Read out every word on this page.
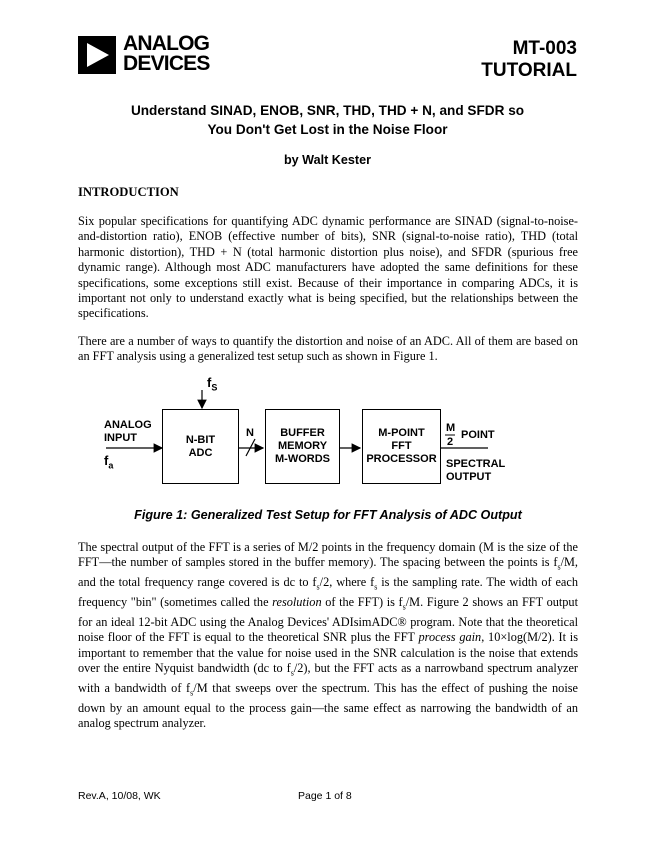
ANALOG
DEVICES
MT-003
TUTORIAL
Understand SINAD, ENOB, SNR, THD, THD + N, and SFDR so
You Don't Get Lost in the Noise Floor
by Walt Kester
INTRODUCTION

Six popular specifications for quantifying ADC dynamic performance are SINAD (signal-to-noise-and-distortion ratio), ENOB (effective number of bits), SNR (signal-to-noise ratio), THD (total harmonic distortion), THD + N (total harmonic distortion plus noise), and SFDR (spurious free dynamic range). Although most ADC manufacturers have adopted the same definitions for these specifications, some exceptions still exist. Because of their importance in comparing ADCs, it is important not only to understand exactly what is being specified, but the relationships between the specifications.

There are a number of ways to quantify the distortion and noise of an ADC. All of them are based on an FFT analysis using a generalized test setup such as shown in Figure 1.

$f_S$
ANALOG
INPUT
$f_a$
N-BIT
ADC
N	BUFFER
MEMORY
M-WORDS
M-POINT
FFT
PROCESSOR
M
2
POINT
SPECTRAL
OUTPUT
Figure 1: Generalized Test Setup for FFT Analysis of ADC Output

The spectral output of the FFT is a series of M/2 points in the frequency domain (M is the size of the FFT—the number of samples stored in the buffer memory). The spacing between the points is $f_s/M$, and the total frequency range covered is dc to $f_s/2$, where $f_s$ is the sampling rate. The width of each frequency "bin" (sometimes called the resolution of the FFT) is $f_s/M$. Figure 2 shows an FFT output for an ideal 12-bit ADC using the Analog Devices' ADIsimADC® program. Note that the theoretical noise floor of the FFT is equal to the theoretical SNR plus the FFT process gain, 10×log(M/2). It is important to remember that the value for noise used in the SNR calculation is the noise that extends over the entire Nyquist bandwidth (dc to $f_s/2$), but the FFT acts as a narrowband spectrum analyzer with a bandwidth of $f_s/M$ that sweeps over the spectrum. This has the effect of pushing the noise down by an amount equal to the process gain—the same effect as narrowing the bandwidth of an analog spectrum analyzer.

Rev.A, 10/08, WK	Page 1 of 8
